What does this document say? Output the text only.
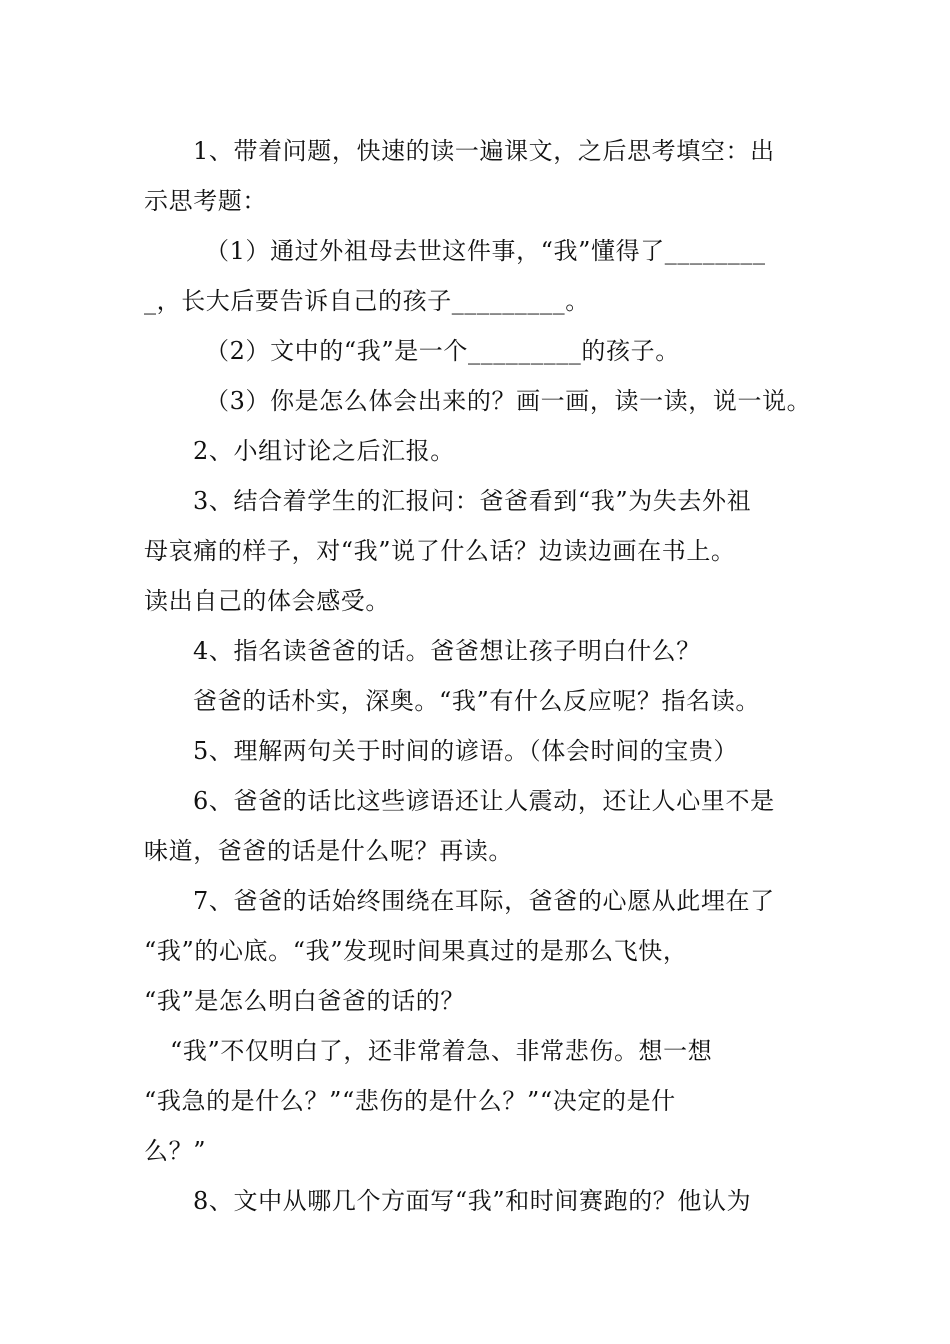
1、带着问题，快速的读一遍课文，之后思考填空：出
示思考题：
（1）通过外祖母去世这件事，“我”懂得了________
_，长大后要告诉自己的孩子_________。
（2）文中的“我”是一个_________的孩子。
（3）你是怎么体会出来的？画一画，读一读，说一说。
2、小组讨论之后汇报。
3、结合着学生的汇报问：爸爸看到“我”为失去外祖
母哀痛的样子，对“我”说了什么话？边读边画在书上。
读出自己的体会感受。
4、指名读爸爸的话。爸爸想让孩子明白什么？
爸爸的话朴实，深奥。“我”有什么反应呢？指名读。
5、理解两句关于时间的谚语。（体会时间的宝贵）
6、爸爸的话比这些谚语还让人震动，还让人心里不是
味道，爸爸的话是什么呢？再读。
7、爸爸的话始终围绕在耳际，爸爸的心愿从此埋在了
“我”的心底。“我”发现时间果真过的是那么飞快，
“我”是怎么明白爸爸的话的？
“我”不仅明白了，还非常着急、非常悲伤。想一想
“我急的是什么？”“悲伤的是什么？”“决定的是什
么？”
8、文中从哪几个方面写“我”和时间赛跑的？他认为
